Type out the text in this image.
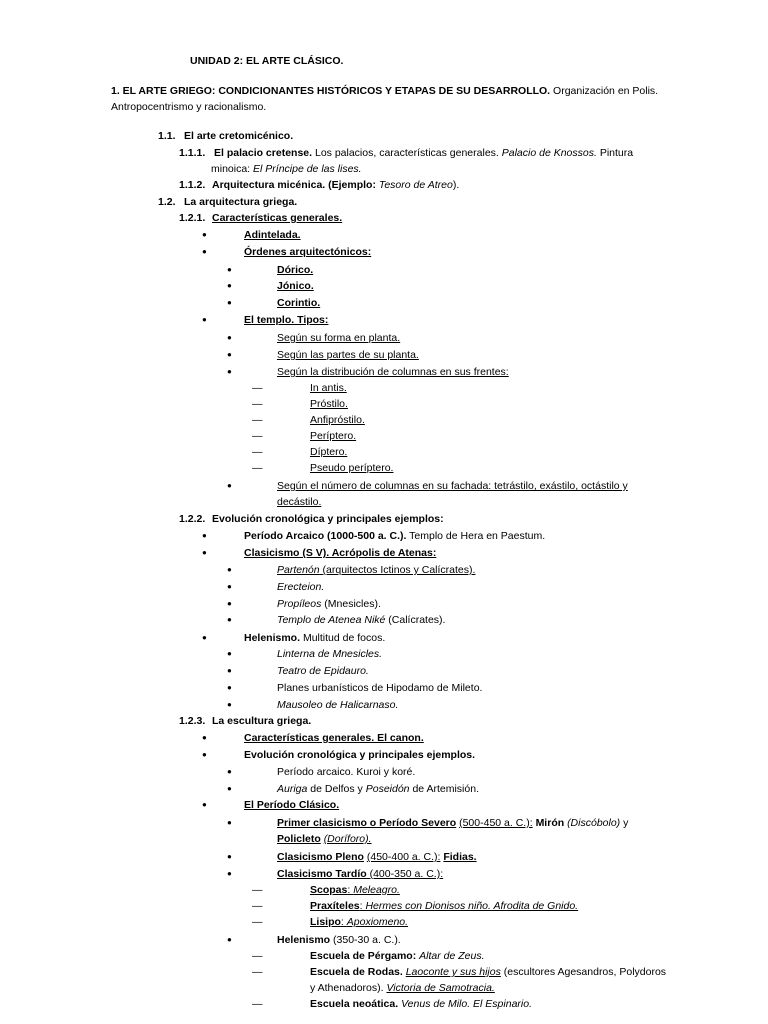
UNIDAD 2: EL ARTE CLÁSICO.
1. EL ARTE GRIEGO: CONDICIONANTES HISTÓRICOS Y ETAPAS DE SU DESARROLLO. Organización en Polis.
Antropocentrismo y racionalismo.
1.1. El arte cretomicénico.
1.1.1. El palacio cretense. Los palacios, características generales. Palacio de Knossos. Pintura
minoica: El Príncipe de las lises.
1.1.2. Arquitectura micénica. (Ejemplo: Tesoro de Atreo).
1.2. La arquitectura griega.
1.2.1. Características generales.
●	Adintelada.
●	Órdenes arquitectónicos:
●	Dórico.
●	Jónico.
●	Corintio.
●	El templo. Tipos:
●	Según su forma en planta.
●	Según las partes de su planta.
●	Según la distribución de columnas en sus frentes:
—	In antis.
—	Próstilo.
—	Anfipróstilo.
—	Períptero.
—	Díptero.
—	Pseudo períptero.
●	Según el número de columnas en su fachada: tetrástilo, exástilo, octástilo y
decástilo.
1.2.2. Evolución cronológica y principales ejemplos:
●	Período Arcaico (1000-500 a. C.). Templo de Hera en Paestum.
●	Clasicismo (S V). Acrópolis de Atenas:
●	Partenón (arquitectos Ictinos y Calícrates).
●	Erecteion.
●	Propíleos (Mnesicles).
●	Templo de Atenea Niké (Calícrates).
●	Helenismo. Multitud de focos.
●	Linterna de Mnesicles.
●	Teatro de Epidauro.
●	Planes urbanísticos de Hipodamo de Mileto.
●	Mausoleo de Halicarnaso.
1.2.3. La escultura griega.
●	Características generales. El canon.
●	Evolución cronológica y principales ejemplos.
●	Período arcaico. Kuroi y koré.
●	Auriga de Delfos y Poseidón de Artemisión.
●	El Período Clásico.
●	Primer clasicismo o Período Severo (500-450 a. C.): Mirón (Discóbolo) y
Policleto (Doríforo).
●	Clasicismo Pleno (450-400 a. C.): Fidias.
●	Clasicismo Tardío (400-350 a. C.):
—	Scopas: Meleagro.
—	Praxíteles: Hermes con Dionisos niño. Afrodita de Gnido.
—	Lisipo: Apoxiomeno.
●	Helenismo (350-30 a. C.).
—	Escuela de Pérgamo: Altar de Zeus.
—	Escuela de Rodas. Laoconte y sus hijos (escultores Agesandros, Polydoros
y Athenadoros). Victoria de Samotracia.
—	Escuela neoática. Venus de Milo. El Espinario.
